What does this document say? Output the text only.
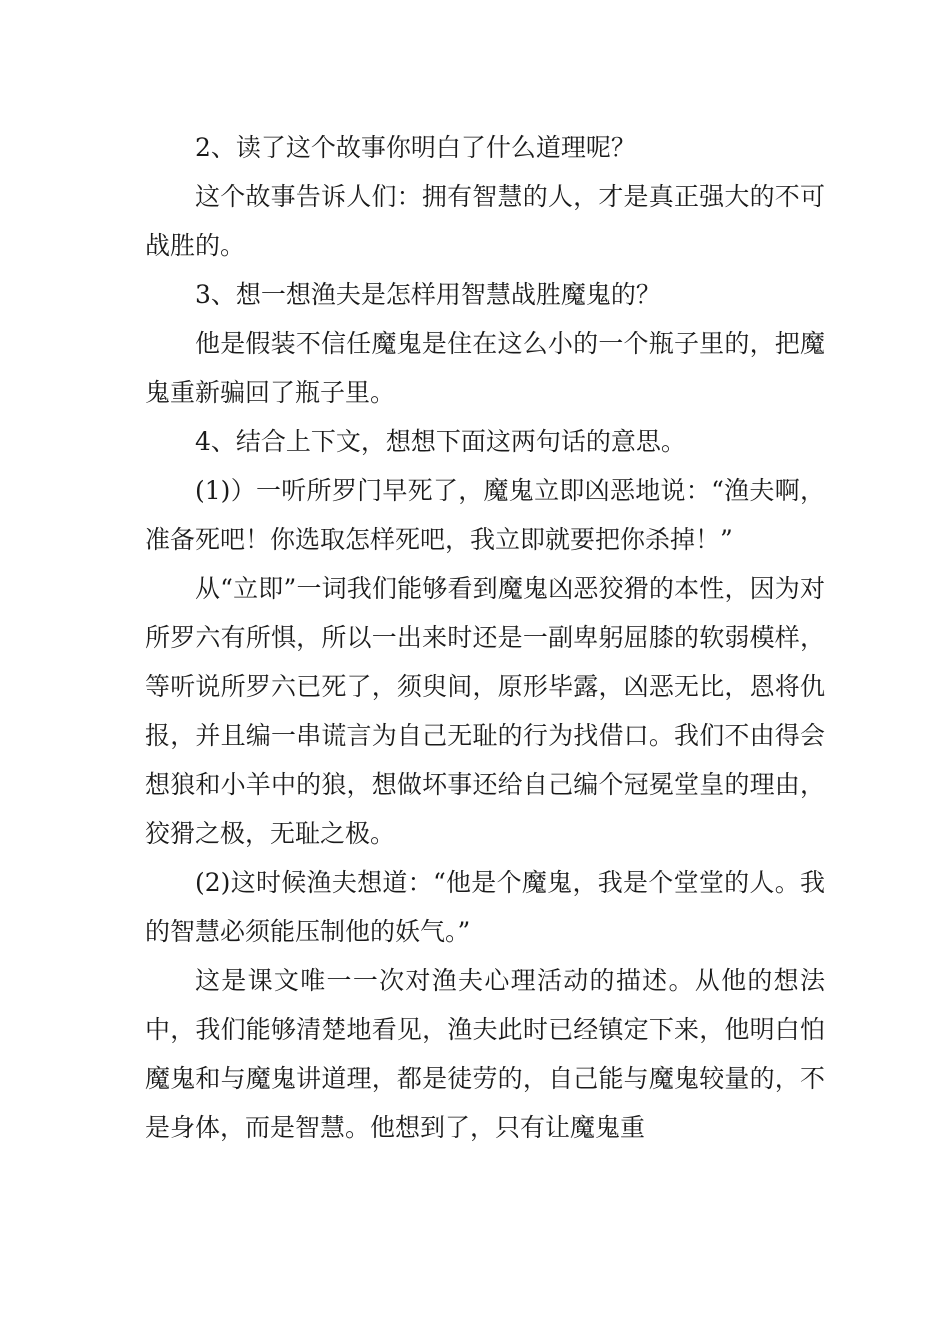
2、读了这个故事你明白了什么道理呢？

这个故事告诉人们：拥有智慧的人，才是真正强大的不可战胜的。

3、想一想渔夫是怎样用智慧战胜魔鬼的？

他是假装不信任魔鬼是住在这么小的一个瓶子里的，把魔鬼重新骗回了瓶子里。

4、结合上下文，想想下面这两句话的意思。

(1)）一听所罗门早死了，魔鬼立即凶恶地说：“渔夫啊，准备死吧！你选取怎样死吧，我立即就要把你杀掉！”

从“立即”一词我们能够看到魔鬼凶恶狡猾的本性，因为对所罗六有所惧，所以一出来时还是一副卑躬屈膝的软弱模样，等听说所罗六已死了，须臾间，原形毕露，凶恶无比，恩将仇报，并且编一串谎言为自己无耻的行为找借口。我们不由得会想狼和小羊中的狼，想做坏事还给自己编个冠冕堂皇的理由，狡猾之极，无耻之极。

(2)这时候渔夫想道：“他是个魔鬼，我是个堂堂的人。我的智慧必须能压制他的妖气。”

这是课文唯一一次对渔夫心理活动的描述。从他的想法中，我们能够清楚地看见，渔夫此时已经镇定下来，他明白怕魔鬼和与魔鬼讲道理，都是徒劳的，自己能与魔鬼较量的，不是身体，而是智慧。他想到了，只有让魔鬼重
